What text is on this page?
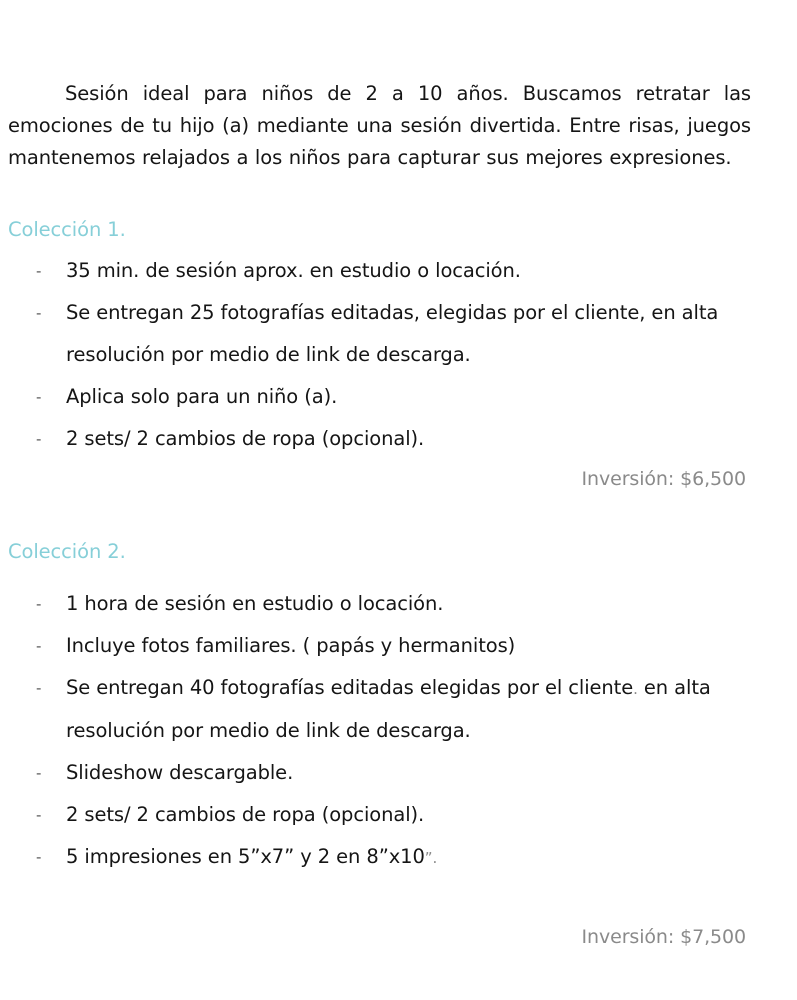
Sesión ideal para niños de 2 a 10 años. Buscamos retratar las emociones de tu hijo (a) mediante una sesión divertida. Entre risas, juegos mantenemos relajados a los niños para capturar sus mejores expresiones.

Colección 1.
- 35 min. de sesión aprox. en estudio o locación.
- Se entregan 25 fotografías editadas, elegidas por el cliente, en alta
resolución por medio de link de descarga.
- Aplica solo para un niño (a).
- 2 sets/ 2 cambios de ropa (opcional).
Inversión: $6,500
Colección 2.
- 1 hora de sesión en estudio o locación.
- Incluye fotos familiares. ( papás y hermanitos)
- Se entregan 40 fotografías editadas elegidas por el cliente. en alta
resolución por medio de link de descarga.
- Slideshow descargable.
- 2 sets/ 2 cambios de ropa (opcional).
- 5 impresiones en 5”x7” y 2 en 8”x10”.
Inversión: $7,500
